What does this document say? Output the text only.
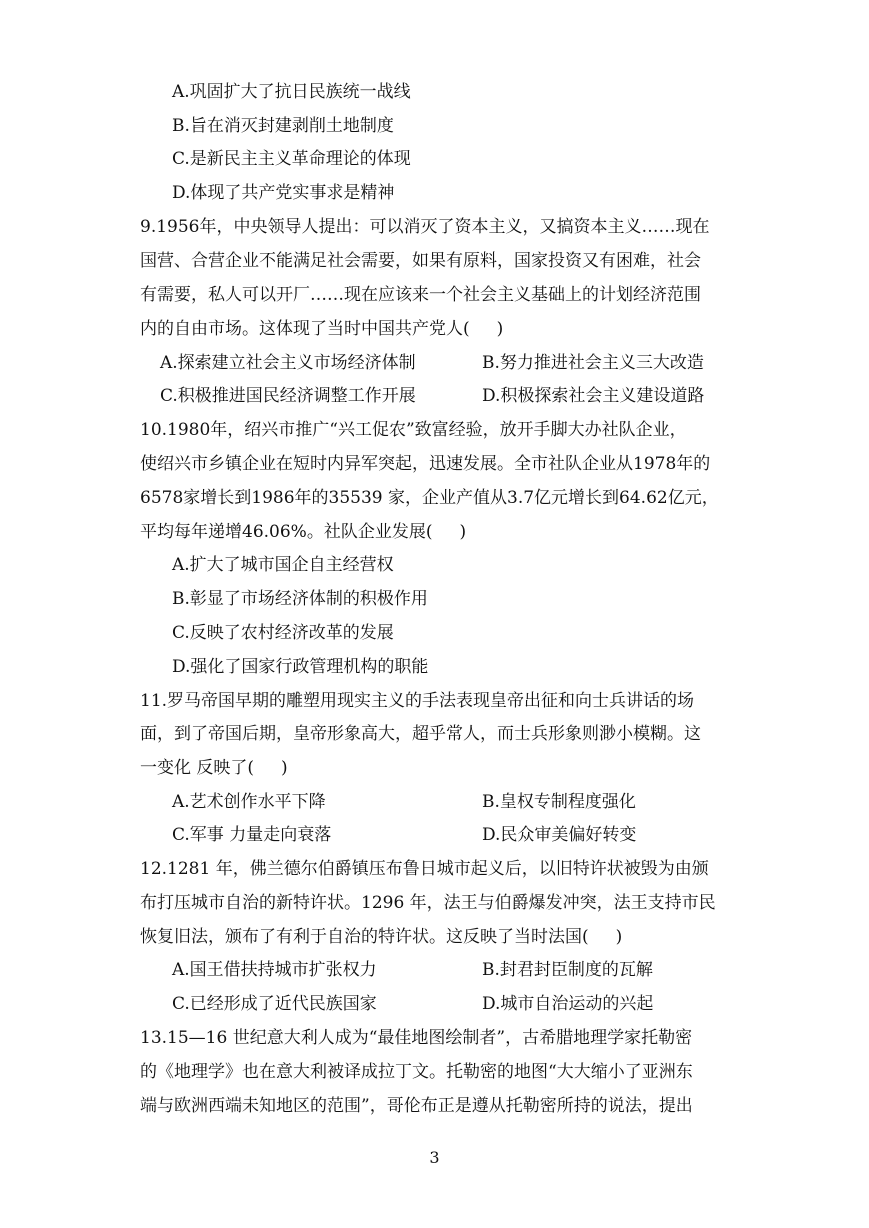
A.巩固扩大了抗日民族统一战线
B.旨在消灭封建剥削土地制度
C.是新民主主义革命理论的体现
D.体现了共产党实事求是精神
9.1956年，中央领导人提出：可以消灭了资本主义，又搞资本主义……现在
国营、合营企业不能满足社会需要，如果有原料，国家投资又有困难，社会
有需要，私人可以开厂……现在应该来一个社会主义基础上的计划经济范围
内的自由市场。这体现了当时中国共产党人(     )
A.探索建立社会主义市场经济体制	B.努力推进社会主义三大改造
C.积极推进国民经济调整工作开展	D.积极探索社会主义建设道路
10.1980年，绍兴市推广“兴工促农”致富经验，放开手脚大办社队企业，
使绍兴市乡镇企业在短时内异军突起，迅速发展。全市社队企业从1978年的
6578家增长到1986年的35539 家，企业产值从3.7亿元增长到64.62亿元，
平均每年递增46.06%。社队企业发展(     )
A.扩大了城市国企自主经营权
B.彰显了市场经济体制的积极作用
C.反映了农村经济改革的发展
D.强化了国家行政管理机构的职能
11.罗马帝国早期的雕塑用现实主义的手法表现皇帝出征和向士兵讲话的场
面，到了帝国后期，皇帝形象高大，超乎常人，而士兵形象则渺小模糊。这
一变化 反映了(     )
A.艺术创作水平下降	B.皇权专制程度强化
C.军事 力量走向衰落	D.民众审美偏好转变
12.1281 年，佛兰德尔伯爵镇压布鲁日城市起义后，以旧特许状被毁为由颁
布打压城市自治的新特许状。1296 年，法王与伯爵爆发冲突，法王支持市民
恢复旧法，颁布了有利于自治的特许状。这反映了当时法国(     )
A.国王借扶持城市扩张权力	B.封君封臣制度的瓦解
C.已经形成了近代民族国家	D.城市自治运动的兴起
13.15—16 世纪意大利人成为“最佳地图绘制者”，古希腊地理学家托勒密
的《地理学》也在意大利被译成拉丁文。托勒密的地图“大大缩小了亚洲东
端与欧洲西端未知地区的范围”，哥伦布正是遵从托勒密所持的说法，提出
3
